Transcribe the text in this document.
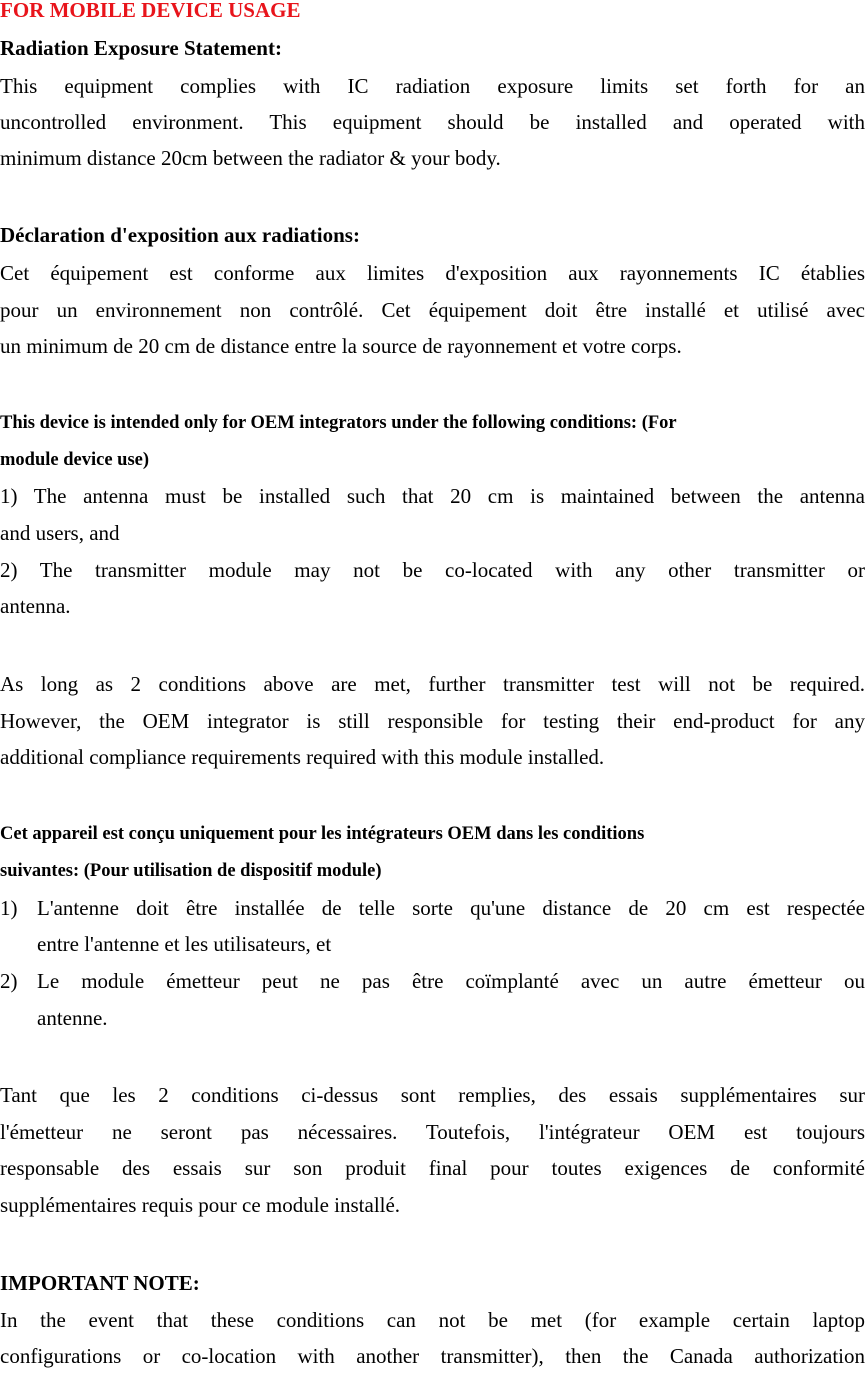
FOR MOBILE DEVICE USAGE
Radiation Exposure Statement:
This equipment complies with IC radiation exposure limits set forth for an
uncontrolled environment. This equipment should be installed and operated with
minimum distance 20cm between the radiator & your body.
Déclaration d'exposition aux radiations:
Cet équipement est conforme aux limites d'exposition aux rayonnements IC établies
pour un environnement non contrôlé. Cet équipement doit être installé et utilisé avec
un minimum de 20 cm de distance entre la source de rayonnement et votre corps.
This device is intended only for OEM integrators under the following conditions: (For
module device use)
1) The antenna must be installed such that 20 cm is maintained between the antenna
and users, and
2) The transmitter module may not be co-located with any other transmitter or
antenna.
As long as 2 conditions above are met, further transmitter test will not be required.
However, the OEM integrator is still responsible for testing their end-product for any
additional compliance requirements required with this module installed.
Cet appareil est conçu uniquement pour les intégrateurs OEM dans les conditions
suivantes: (Pour utilisation de dispositif module)
1) L'antenne doit être installée de telle sorte qu'une distance de 20 cm est respectée
entre l'antenne et les utilisateurs, et
2) Le module émetteur peut ne pas être coïmplanté avec un autre émetteur ou
antenne.
Tant que les 2 conditions ci-dessus sont remplies, des essais supplémentaires sur
l'émetteur ne seront pas nécessaires. Toutefois, l'intégrateur OEM est toujours
responsable des essais sur son produit final pour toutes exigences de conformité
supplémentaires requis pour ce module installé.
IMPORTANT NOTE:
In the event that these conditions can not be met (for example certain laptop
configurations or co-location with another transmitter), then the Canada authorization
